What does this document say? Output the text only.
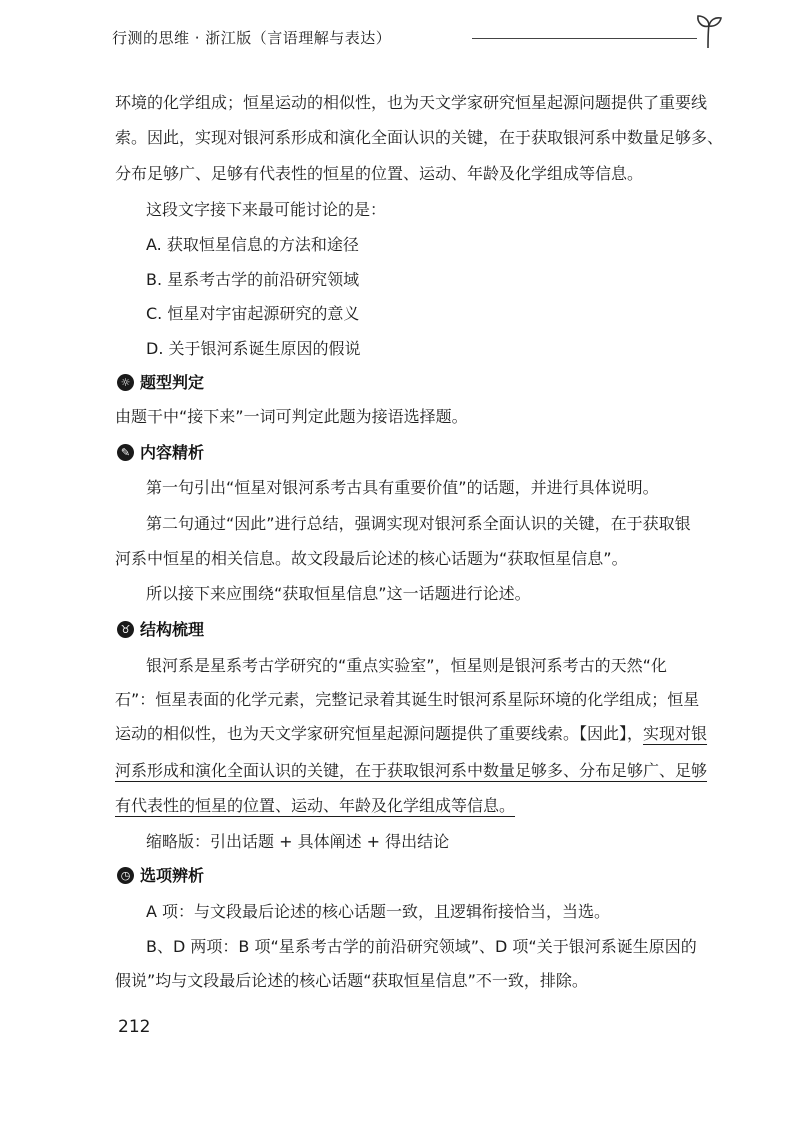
行测的思维 · 浙江版（言语理解与表达）
环境的化学组成；恒星运动的相似性，也为天文学家研究恒星起源问题提供了重要线
索。因此，实现对银河系形成和演化全面认识的关键，在于获取银河系中数量足够多、
分布足够广、足够有代表性的恒星的位置、运动、年龄及化学组成等信息。
这段文字接下来最可能讨论的是：
A. 获取恒星信息的方法和途径
B. 星系考古学的前沿研究领域
C. 恒星对宇宙起源研究的意义
D. 关于银河系诞生原因的假说
☼ 题型判定
由题干中“接下来”一词可判定此题为接语选择题。
✎ 内容精析
第一句引出“恒星对银河系考古具有重要价值”的话题，并进行具体说明。
第二句通过“因此”进行总结，强调实现对银河系全面认识的关键，在于获取银
河系中恒星的相关信息。故文段最后论述的核心话题为“获取恒星信息”。
所以接下来应围绕“获取恒星信息”这一话题进行论述。
♉ 结构梳理
银河系是星系考古学研究的“重点实验室”，恒星则是银河系考古的天然“化
石”：恒星表面的化学元素，完整记录着其诞生时银河系星际环境的化学组成；恒星
运动的相似性，也为天文学家研究恒星起源问题提供了重要线索。【因此】，实现对银
河系形成和演化全面认识的关键，在于获取银河系中数量足够多、分布足够广、足够
有代表性的恒星的位置、运动、年龄及化学组成等信息。
缩略版：引出话题 + 具体阐述 + 得出结论
◷ 选项辨析
A 项：与文段最后论述的核心话题一致，且逻辑衔接恰当，当选。
B、D 两项：B 项“星系考古学的前沿研究领域”、D 项“关于银河系诞生原因的
假说”均与文段最后论述的核心话题“获取恒星信息”不一致，排除。
212
